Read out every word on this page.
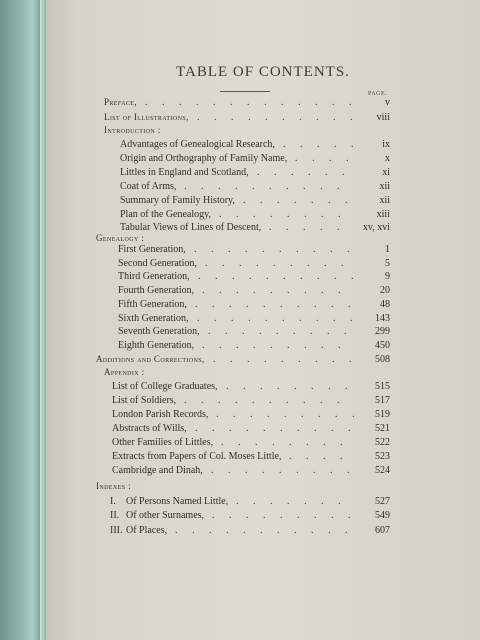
TABLE OF CONTENTS.
PAGE.
Preface,	v
. . . . . . . . . . . . .
List of Illustrations,	viii
. . . . . . . . . .
Introduction :
Advantages of Genealogical Research,	ix
. . . . .
Origin and Orthography of Family Name,	x
. . . .
Littles in England and Scotland,	xi
. . . . . .
Coat of Arms,	xii
. . . . . . . . . .
Summary of Family History,	xii
. . . . . . .
Plan of the Genealogy,	xiii
. . . . . . . .
Tabular Views of Lines of Descent,	xv, xvi
. . . . .
Genealogy :
First Generation,	1
. . . . . . . . . .
Second Generation,	5
. . . . . . . . .
Third Generation,	9
. . . . . . . . . .
Fourth Generation,	20
. . . . . . . . .
Fifth Generation,	48
. . . . . . . . . .
Sixth Generation,	143
. . . . . . . . . .
Seventh Generation,	299
. . . . . . . . .
Eighth Generation,	450
. . . . . . . . .
Additions and Corrections,	508
. . . . . . . . .
Appendix :
List of College Graduates,	515
. . . . . . . .
List of Soldiers,	517
. . . . . . . . . .
London Parish Records,	519
. . . . . . . . .
Abstracts of Wills,	521
. . . . . . . . . .
Other Families of Littles,	522
. . . . . . . .
Extracts from Papers of Col. Moses Little,	523
. . . .
Cambridge and Dinah,	524
. . . . . . . . .
Indexes :
I. Of Persons Named Little,	527
. . . . . . .
II. Of other Surnames,	549
. . . . . . . . .
III. Of Places,	607
. . . . . . . . . . .
